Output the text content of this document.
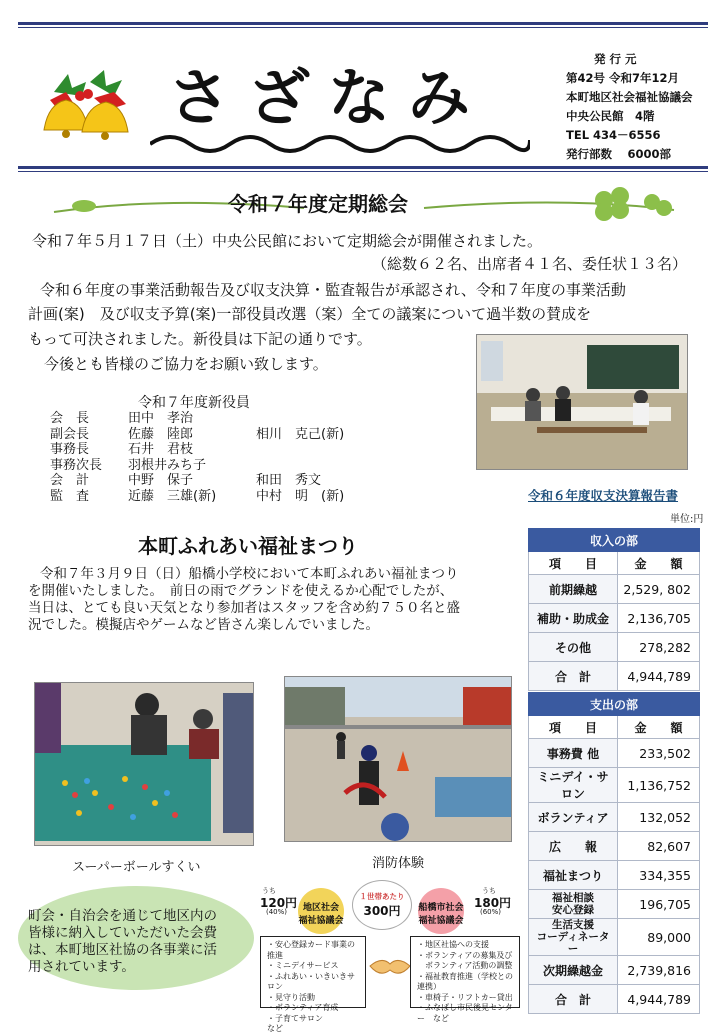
さざなみ
発 行 元
第42号 令和7年12月
本町地区社会福祉協議会
中央公民館　4階
TEL 434－6556
発行部数　 6000部
令和７年度定期総会
令和７年５月１７日（土）中央公民館において定期総会が開催されました。
（総数６２名、出席者４１名、委任状１３名）
令和６年度の事業活動報告及び収支決算・監査報告が承認され、令和７年度の事業活動
計画(案)　及び収支予算(案)一部役員改選（案）全ての議案について過半数の賛成を
もって可決されました。新役員は下記の通りです。
今後とも皆様のご協力をお願い致します。
令和７年度新役員
会　長	田中　孝治	
副会長	佐藤　陸郎	相川　克己(新)
事務長	石井　君枝	
事務次長	羽根井みち子	
会　計	中野　保子	和田　秀文
監　査	近藤　三雄(新)	中村　明　(新)
本町ふれあい福祉まつり
令和７年３月９日（日）船橋小学校において本町ふれあい福祉まつり
を開催いたしました。　前日の雨でグランドを使えるか心配でしたが、
当日は、とても良い天気となり参加者はスタッフを含め約７５０名と盛
況でした。模擬店やゲームなど皆さん楽しんでいました。
スーパーボールすくい	消防体験
町会・自治会を通じて地区内の
皆様に納入していただいた会費
は、本町地区社協の各事業に活
用されています。
うち
120円
(40%)	地区社会
福祉協議会
１世帯あたり
300円	船橋市社会
福祉協議会
うち
180円
(60%)
・安心登録カード事業の推進
・ミニデイサービス
・ふれあい・いきいきサロン
・見守り活動
・ボランティア育成
・子育てサロン　　　　　など
・地区社協への支援
・ボランティアの募集及び
　ボランティア活動の調整
・福祉教育推進（学校との連携）
・車椅子・リフトカー貸出
・ふなばし市民後見センター　など
令和６年度収支決算報告書
単位:円
収入の部	
項　　目	金　　額

前期繰越	2,529, 802

補助・助成金	2,136,705

その他	278,282

合　計	4,944,789
支出の部	
項　　目	金　　額

事務費 他	233,502

ミニデイ・サロン	1,136,752

ボランティア	132,052

広　　報	82,607

福祉まつり	334,355

福祉相談
安心登録	196,705

生活支援
コーディネーター	89,000

次期繰越金	2,739,816

合　計	4,944,789
